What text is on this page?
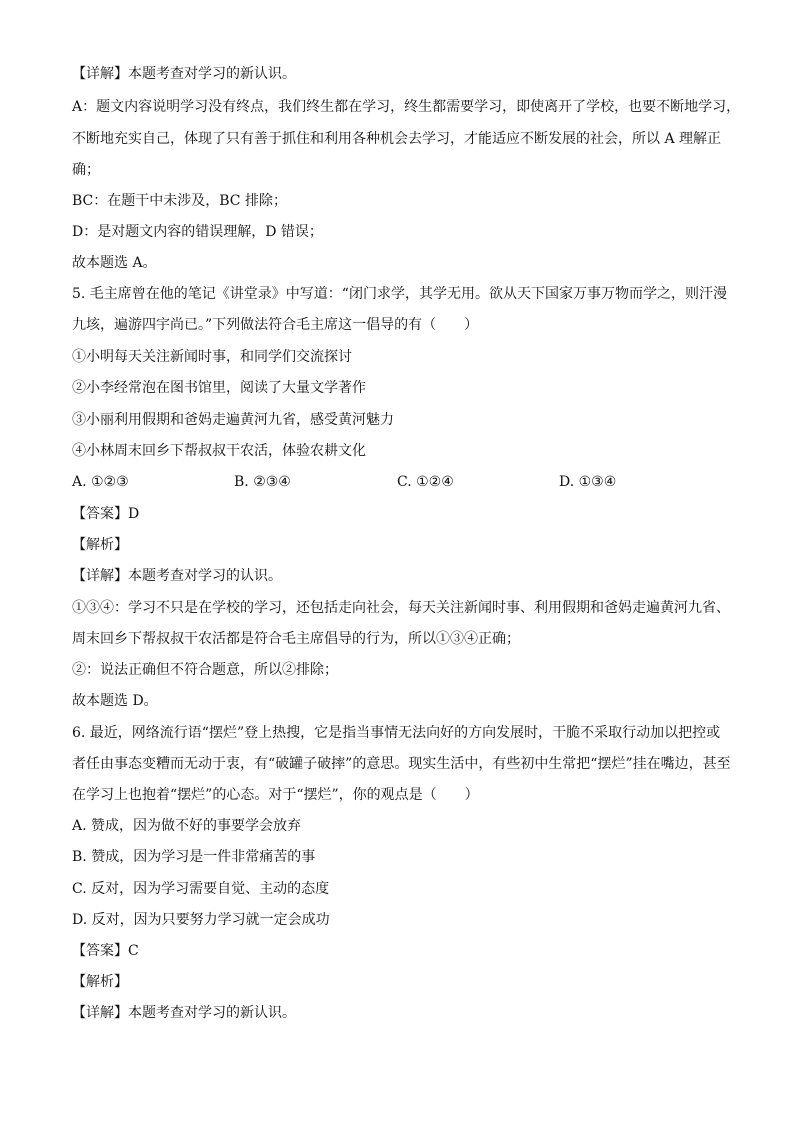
【详解】本题考查对学习的新认识。
A：题文内容说明学习没有终点，我们终生都在学习，终生都需要学习，即使离开了学校，也要不断地学习，
不断地充实自己，体现了只有善于抓住和利用各种机会去学习，才能适应不断发展的社会，所以 A 理解正
确；
BC：在题干中未涉及，BC 排除；
D：是对题文内容的错误理解，D 错误；
故本题选 A。
5. 毛主席曾在他的笔记《讲堂录》中写道：“闭门求学，其学无用。欲从天下国家万事万物而学之，则汗漫
九垓，遍游四宇尚已。”下列做法符合毛主席这一倡导的有（　　）
①小明每天关注新闻时事，和同学们交流探讨
②小李经常泡在图书馆里，阅读了大量文学著作
③小丽利用假期和爸妈走遍黄河九省，感受黄河魅力
④小林周末回乡下帮叔叔干农活，体验农耕文化
A. ①②③	B. ②③④	C. ①②④	D. ①③④
【答案】D
【解析】
【详解】本题考查对学习的认识。
①③④：学习不只是在学校的学习，还包括走向社会，每天关注新闻时事、利用假期和爸妈走遍黄河九省、
周末回乡下帮叔叔干农活都是符合毛主席倡导的行为，所以①③④正确；
②：说法正确但不符合题意，所以②排除；
故本题选 D。
6. 最近，网络流行语“摆烂”登上热搜，它是指当事情无法向好的方向发展时，干脆不采取行动加以把控或
者任由事态变糟而无动于衷，有“破罐子破摔”的意思。现实生活中，有些初中生常把“摆烂”挂在嘴边，甚至
在学习上也抱着“摆烂”的心态。对于“摆烂”，你的观点是（　　）
A. 赞成，因为做不好的事要学会放弃
B. 赞成，因为学习是一件非常痛苦的事
C. 反对，因为学习需要自觉、主动的态度
D. 反对，因为只要努力学习就一定会成功
【答案】C
【解析】
【详解】本题考查对学习的新认识。
